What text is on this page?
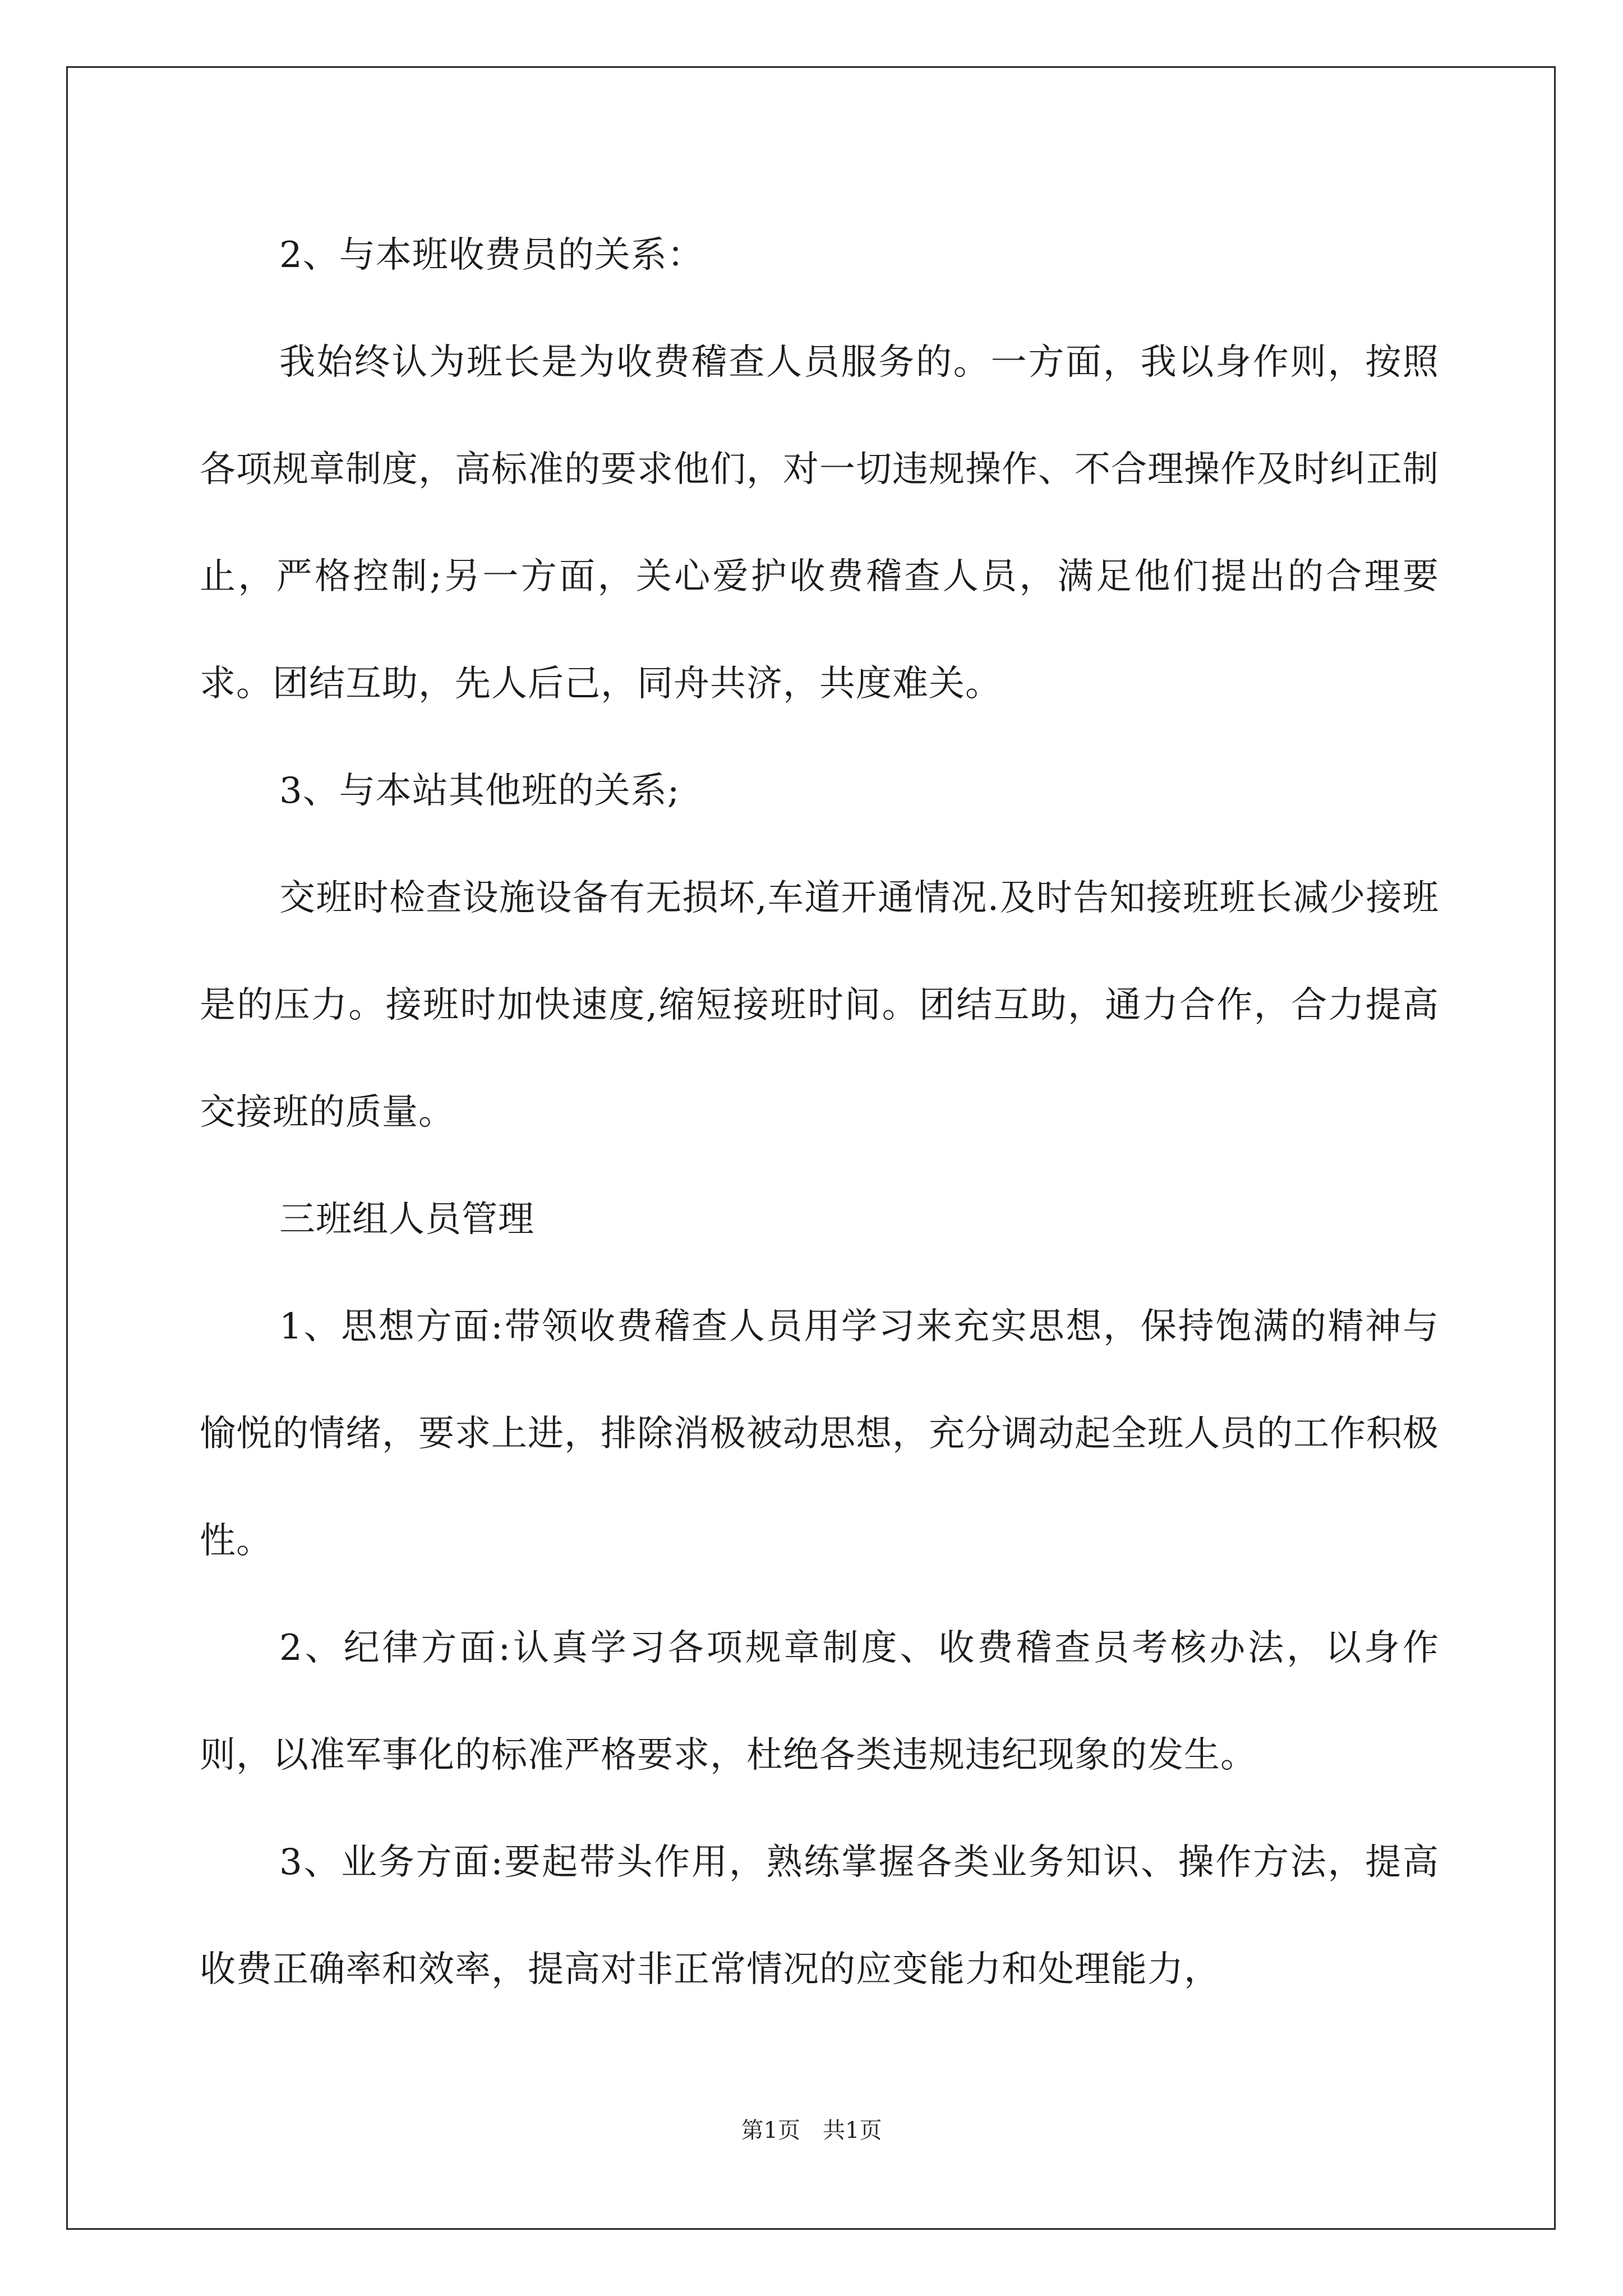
2、与本班收费员的关系：

我始终认为班长是为收费稽查人员服务的。一方面，我以身作则，按照各项规章制度，高标准的要求他们，对一切违规操作、不合理操作及时纠正制止，严格控制;另一方面，关心爱护收费稽查人员，满足他们提出的合理要求。团结互助，先人后己，同舟共济，共度难关。

3、与本站其他班的关系;

交班时检查设施设备有无损坏,车道开通情况.及时告知接班班长减少接班是的压力。接班时加快速度,缩短接班时间。团结互助，通力合作，合力提高交接班的质量。

三班组人员管理

1、思想方面:带领收费稽查人员用学习来充实思想，保持饱满的精神与愉悦的情绪，要求上进，排除消极被动思想，充分调动起全班人员的工作积极性。

2、纪律方面:认真学习各项规章制度、收费稽查员考核办法，以身作则，以准军事化的标准严格要求，杜绝各类违规违纪现象的发生。

3、业务方面:要起带头作用，熟练掌握各类业务知识、操作方法，提高收费正确率和效率，提高对非正常情况的应变能力和处理能力，

第1页 共1页
